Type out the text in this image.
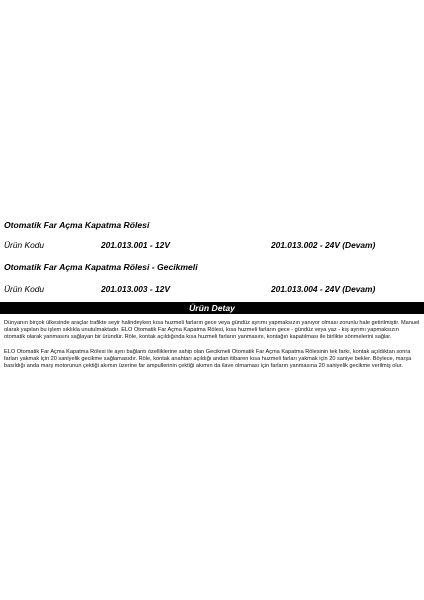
Otomatik Far Açma Kapatma Rölesi
Ürün Kodu	201.013.001 - 12V	201.013.002 - 24V (Devam)
Otomatik Far Açma Kapatma Rölesi - Gecikmeli
Ürün Kodu	201.013.003 - 12V	201.013.004 - 24V (Devam)
Ürün Detay
Dünyanın birçok ülkesinde araçlar trafikte seyir halindeyken kısa huzmeli farların gece veya gündüz ayrımı yapmaksızın yanıyor olması zorunlu hale getirilmiştir. Manuel olarak yapılan bu işlem sıklıkla unutulmaktadır. ELO Otomatik Far Açma Kapatma Rölesi, kısa huzmeli farların gece - gündüz veya yaz - kış ayrımı yapmaksızın otomatik olarak yanmasını sağlayan bir üründür. Röle, kontak açıldığında kısa huzmeli farların yanmasını, kontağın kapatılması ile birlikte sönmelerini sağlar.
ELO Otomatik Far Açma Kapatma Rölesi ile aynı bağlantı özelliklerine sahip olan Gecikmeli Otomatik Far Açma Kapatma Rölesinin tek farkı, kontak açıldıktan sonra farları yakmak için 20 saniyelik gecikme sağlamasıdır. Röle, kontak anahtarı açıldığı andan itibaren kısa huzmeli farları yakmak için 20 saniye bekler. Böylece, marşa basıldığı anda marş motorunun çektiği akımın üzerine far ampullerinin çektiği akımın da ilave olmaması için farların yanmasına 20 saniyelik gecikme verilmiş olur.
